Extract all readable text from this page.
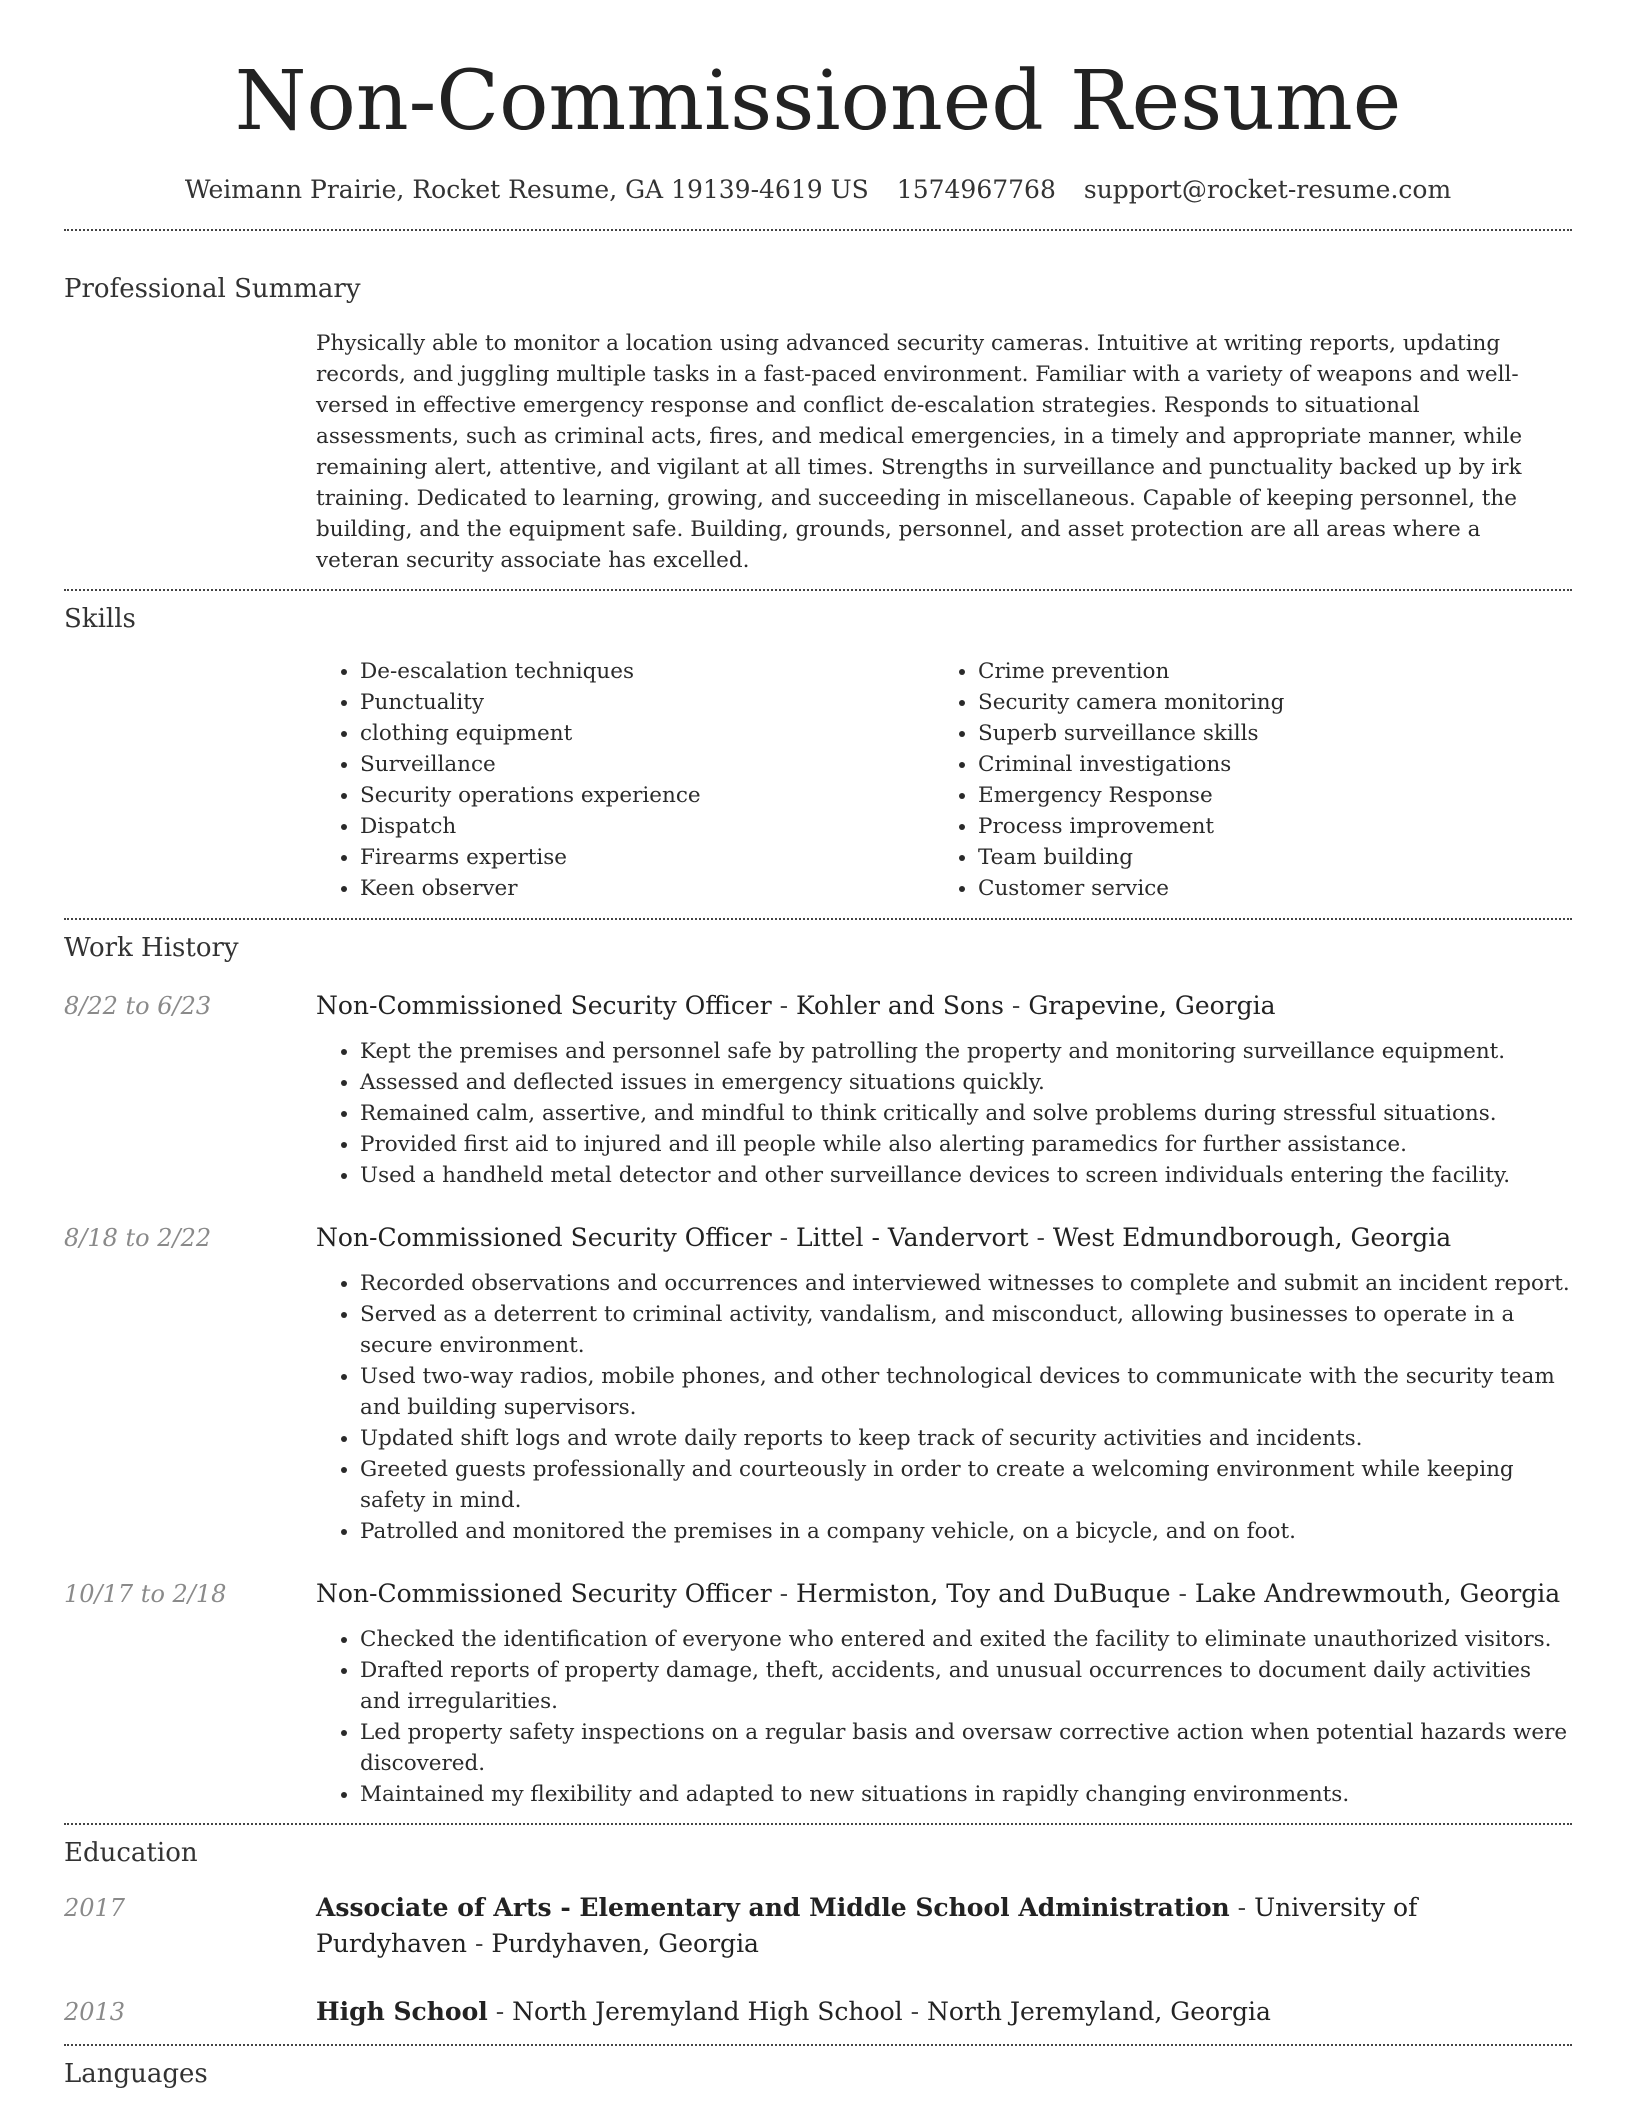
Non-Commissioned Resume
Weimann Prairie, Rocket Resume, GA 19139-4619 US 1574967768 support@rocket-resume.com
Professional Summary
Physically able to monitor a location using advanced security cameras. Intuitive at writing reports, updating records, and juggling multiple tasks in a fast-paced environment. Familiar with a variety of weapons and well-versed in effective emergency response and conflict de-escalation strategies. Responds to situational assessments, such as criminal acts, fires, and medical emergencies, in a timely and appropriate manner, while remaining alert, attentive, and vigilant at all times. Strengths in surveillance and punctuality backed up by irk training. Dedicated to learning, growing, and succeeding in miscellaneous. Capable of keeping personnel, the building, and the equipment safe. Building, grounds, personnel, and asset protection are all areas where a veteran security associate has excelled.
Skills
• De-escalation techniques
• Punctuality
• clothing equipment
• Surveillance
• Security operations experience
• Dispatch
• Firearms expertise
• Keen observer
• Crime prevention
• Security camera monitoring
• Superb surveillance skills
• Criminal investigations
• Emergency Response
• Process improvement
• Team building
• Customer service
Work History
8/22 to 6/23	Non-Commissioned Security Officer - Kohler and Sons - Grapevine, Georgia
• Kept the premises and personnel safe by patrolling the property and monitoring surveillance equipment.
• Assessed and deflected issues in emergency situations quickly.
• Remained calm, assertive, and mindful to think critically and solve problems during stressful situations.
• Provided first aid to injured and ill people while also alerting paramedics for further assistance.
• Used a handheld metal detector and other surveillance devices to screen individuals entering the facility.
8/18 to 2/22	Non-Commissioned Security Officer - Littel - Vandervort - West Edmundborough, Georgia
• Recorded observations and occurrences and interviewed witnesses to complete and submit an incident report.
• Served as a deterrent to criminal activity, vandalism, and misconduct, allowing businesses to operate in a secure environment.
• Used two-way radios, mobile phones, and other technological devices to communicate with the security team and building supervisors.
• Updated shift logs and wrote daily reports to keep track of security activities and incidents.
• Greeted guests professionally and courteously in order to create a welcoming environment while keeping safety in mind.
• Patrolled and monitored the premises in a company vehicle, on a bicycle, and on foot.
10/17 to 2/18	Non-Commissioned Security Officer - Hermiston, Toy and DuBuque - Lake Andrewmouth, Georgia
• Checked the identification of everyone who entered and exited the facility to eliminate unauthorized visitors.
• Drafted reports of property damage, theft, accidents, and unusual occurrences to document daily activities and irregularities.
• Led property safety inspections on a regular basis and oversaw corrective action when potential hazards were discovered.
• Maintained my flexibility and adapted to new situations in rapidly changing environments.
Education
2017	Associate of Arts - Elementary and Middle School Administration - University of Purdyhaven - Purdyhaven, Georgia
2013	High School - North Jeremyland High School - North Jeremyland, Georgia
Languages
